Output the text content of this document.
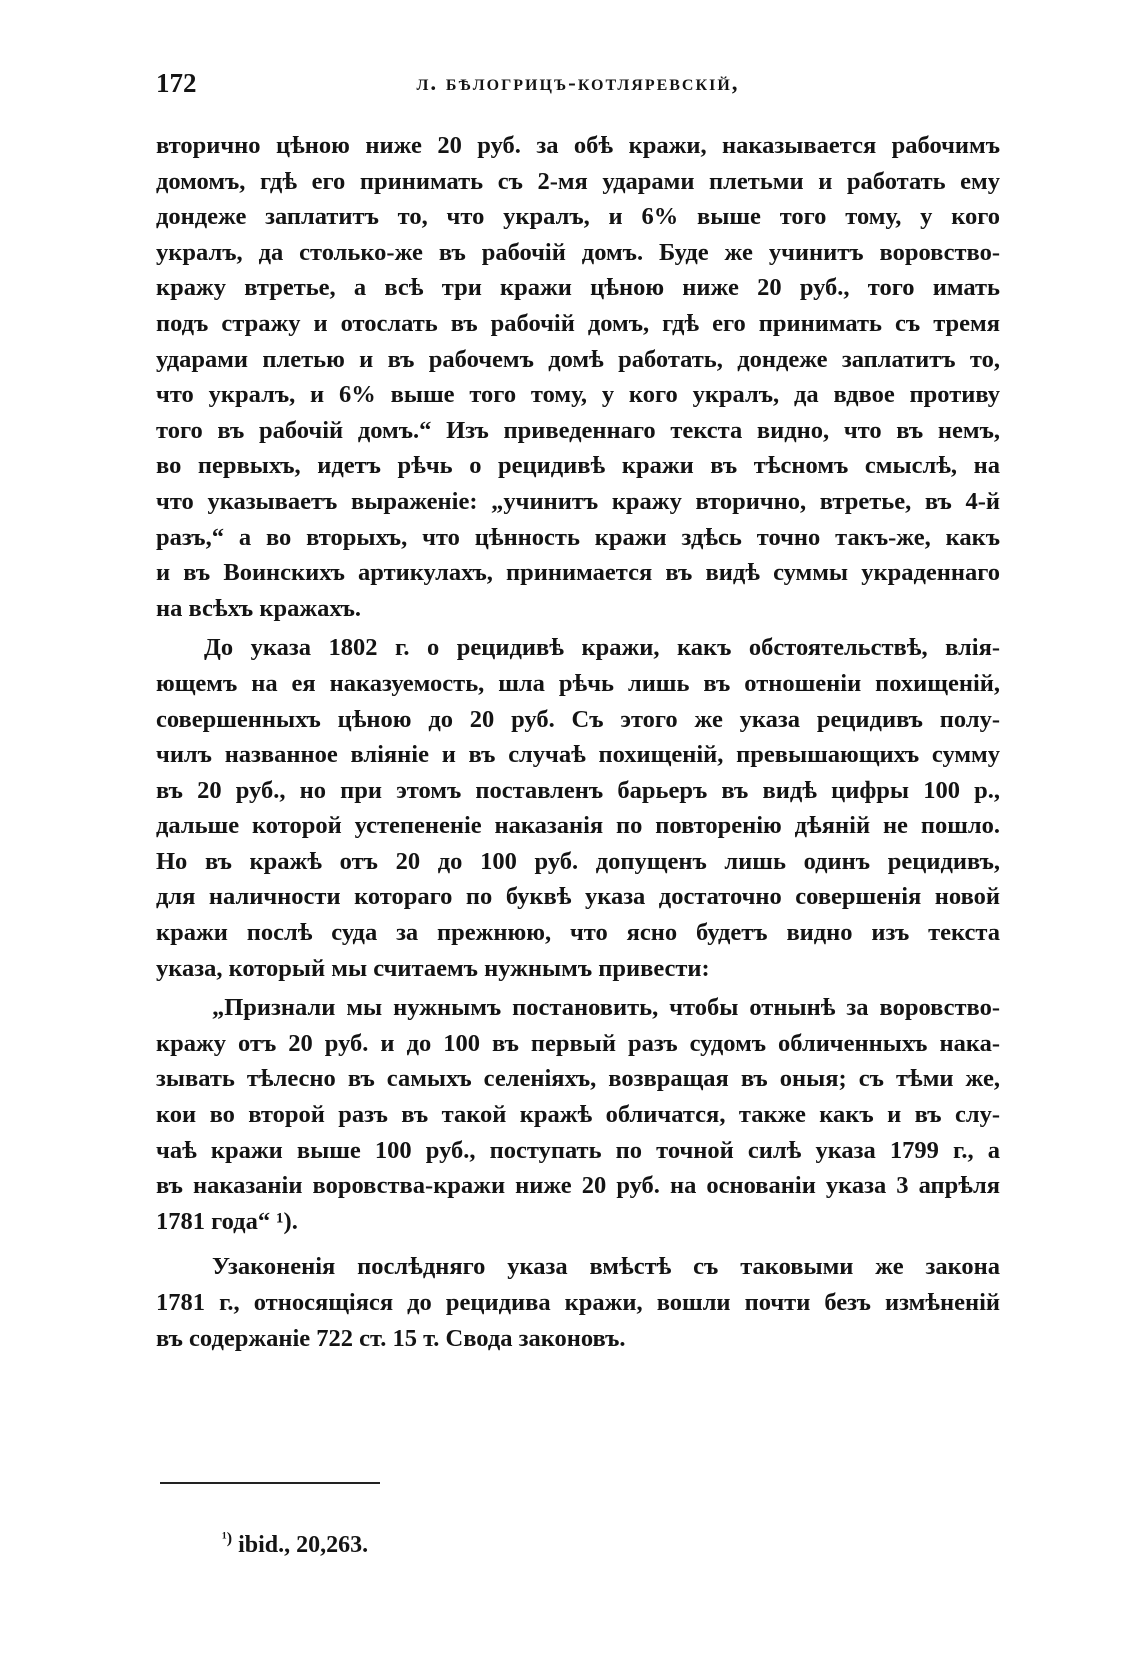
172	л. бѣлогрицъ-котляревскій,
вторично цѣною ниже 20 руб. за обѣ кражи, наказывается рабочимъ
домомъ, гдѣ его принимать съ 2-мя ударами плетьми и работать ему
дондеже заплатитъ то, что укралъ, и 6% выше того тому, у кого
укралъ, да столько-же въ рабочій домъ. Буде же учинитъ воровство-
кражу втретье, а всѣ три кражи цѣною ниже 20 руб., того имать
подъ стражу и отослать въ рабочій домъ, гдѣ его принимать съ тремя
ударами плетью и въ рабочемъ домѣ работать, дондеже заплатитъ то,
что укралъ, и 6% выше того тому, у кого укралъ, да вдвое противу
того въ рабочій домъ.“ Изъ приведеннаго текста видно, что въ немъ,
во первыхъ, идетъ рѣчь о рецидивѣ кражи въ тѣсномъ смыслѣ, на
что указываетъ выраженіе: „учинитъ кражу вторично, втретье, въ 4-й
разъ,“ а во вторыхъ, что цѣнность кражи здѣсь точно такъ-же, какъ
и въ Воинскихъ артикулахъ, принимается въ видѣ суммы украденнаго
на всѣхъ кражахъ.
До указа 1802 г. о рецидивѣ кражи, какъ обстоятельствѣ, влія-
ющемъ на ея наказуемость, шла рѣчь лишь въ отношеніи похищеній,
совершенныхъ цѣною до 20 руб. Съ этого же указа рецидивъ полу-
чилъ названное вліяніе и въ случаѣ похищеній, превышающихъ сумму
въ 20 руб., но при этомъ поставленъ барьеръ въ видѣ цифры 100 р.,
дальше которой устепененіе наказанія по повторенію дѣяній не пошло.
Но въ кражѣ отъ 20 до 100 руб. допущенъ лишь одинъ рецидивъ,
для наличности котораго по буквѣ указа достаточно совершенія новой
кражи послѣ суда за прежнюю, что ясно будетъ видно изъ текста
указа, который мы считаемъ нужнымъ привести:
„Признали мы нужнымъ постановить, чтобы отнынѣ за воровство-
кражу отъ 20 руб. и до 100 въ первый разъ судомъ обличенныхъ нака-
зывать тѣлесно въ самыхъ селеніяхъ, возвращая въ оныя; съ тѣми же,
кои во второй разъ въ такой кражѣ обличатся, также какъ и въ слу-
чаѣ кражи выше 100 руб., поступать по точной силѣ указа 1799 г., а
въ наказаніи воровства-кражи ниже 20 руб. на основаніи указа 3 апрѣля
1781 года“ ¹).
Узаконенія послѣдняго указа вмѣстѣ съ таковыми же закона
1781 г., относящіяся до рецидива кражи, вошли почти безъ измѣненій
въ содержаніе 722 ст. 15 т. Свода законовъ.
$^{^1)}$ ibid., 20,263.
